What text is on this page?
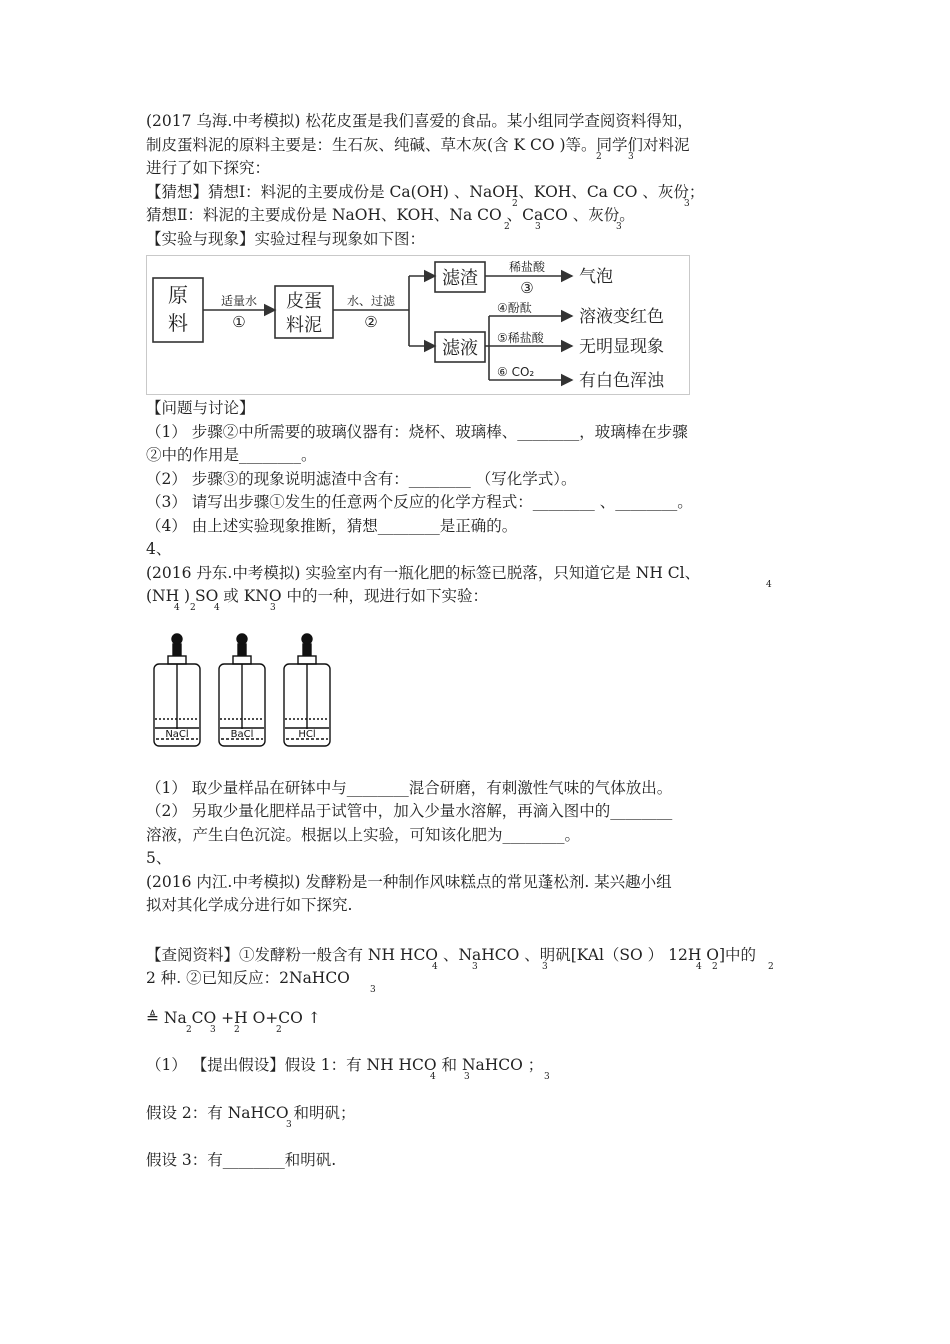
(2017 乌海.中考模拟) 松花皮蛋是我们喜爱的食品。某小组同学查阅资料得知，
制皮蛋料泥的原料主要是：生石灰、纯碱、草木灰(含 K CO )等。同学们对料泥
2	3
进行了如下探究：
【猜想】猜想Ⅰ：料泥的主要成份是 Ca(OH) 、NaOH、KOH、Ca CO 、灰份；
2	3
猜想Ⅱ：料泥的主要成份是 NaOH、KOH、Na CO 、CaCO 、灰份。
2	3	3
【实验与现象】实验过程与现象如下图：
原
料
适量水
①
皮蛋
料泥
水、过滤
②
滤渣
滤液
稀盐酸
③
气泡
④酚酞	溶液变红色
⑤稀盐酸 无明显现象
⑥ CO₂	有白色浑浊
【问题与讨论】
（1） 步骤②中所需要的玻璃仪器有：烧杯、玻璃棒、________，玻璃棒在步骤
②中的作用是________。
（2） 步骤③的现象说明滤渣中含有：________ （写化学式）。
（3） 请写出步骤①发生的任意两个反应的化学方程式：________ 、________。
（4） 由上述实验现象推断，猜想________是正确的。
4、
(2016 丹东.中考模拟) 实验室内有一瓶化肥的标签已脱落，只知道它是 NH Cl、
4
(NH ) SO 或 KNO 中的一种，现进行如下实验：
4 2 4	3
NaCl	BaCl	HCl
（1） 取少量样品在研钵中与________混合研磨，有刺激性气味的气体放出。
（2） 另取少量化肥样品于试管中，加入少量水溶解，再滴入图中的________
溶液，产生白色沉淀。根据以上实验，可知该化肥为________。
5、
(2016 内江.中考模拟) 发酵粉是一种制作风味糕点的常见蓬松剂. 某兴趣小组
拟对其化学成分进行如下探究.
【查阅资料】①发酵粉一般含有 NH HCO 、NaHCO 、明矾[KAl（SO ） 12H O]中的
4	3	3	4 2	2
2 种. ②已知反应：2NaHCO
3
≜ Na CO +H O+CO ↑
2 3 2	2
（1） 【提出假设】假设 1：有 NH HCO 和 NaHCO ；
4	3	3
假设 2：有 NaHCO 和明矾；
3
假设 3：有________和明矾.
